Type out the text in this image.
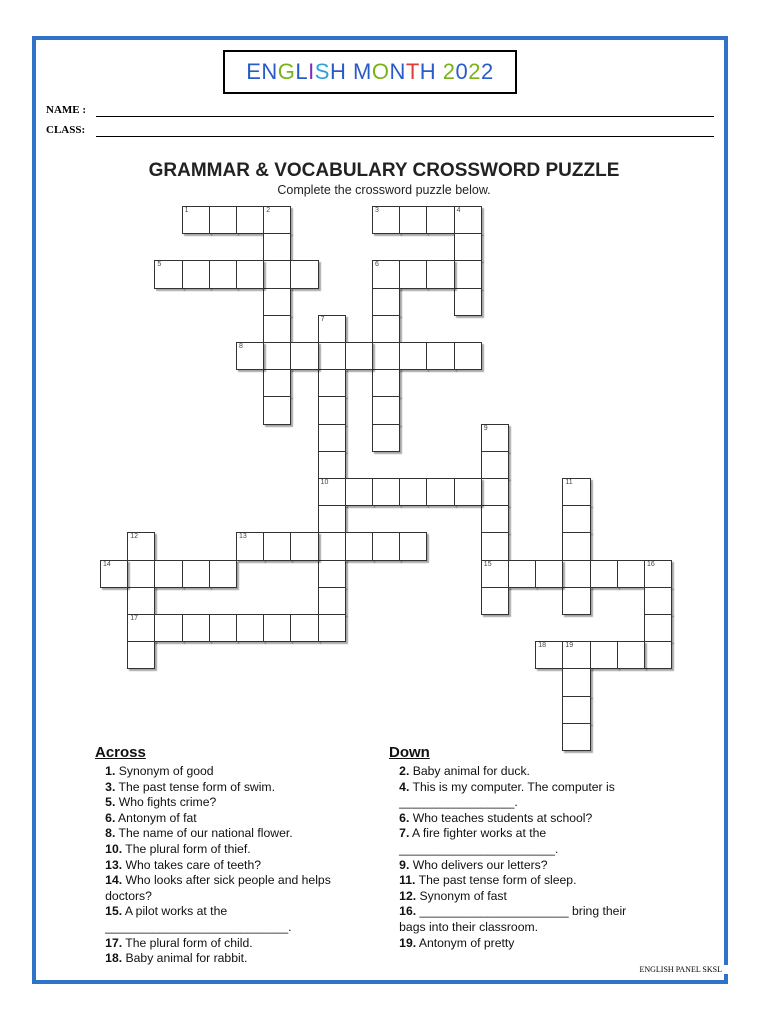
ENGLISH MONTH 2022
NAME :
CLASS:
GRAMMAR & VOCABULARY CROSSWORD PUZZLE
Complete the crossword puzzle below.
1	2	3	4
5	6
7
10
8
9
15
11
12
17
13
14	16
18	19
Across
1. Synonym of good
3. The past tense form of swim.
5. Who fights crime?
6. Antonym of fat
8. The name of our national flower.
10. The plural form of thief.
13. Who takes care of teeth?
14. Who looks after sick people and helps
doctors?
15. A pilot works at the
___________________________.
17. The plural form of child.
18. Baby animal for rabbit.
Down
2. Baby animal for duck.
4. This is my computer. The computer is
_________________.
6. Who teaches students at school?
7. A fire fighter works at the
_______________________.
9. Who delivers our letters?
11. The past tense form of sleep.
12. Synonym of fast
16. ______________________ bring their
bags into their classroom.
19. Antonym of pretty
ENGLISH PANEL SKSL
